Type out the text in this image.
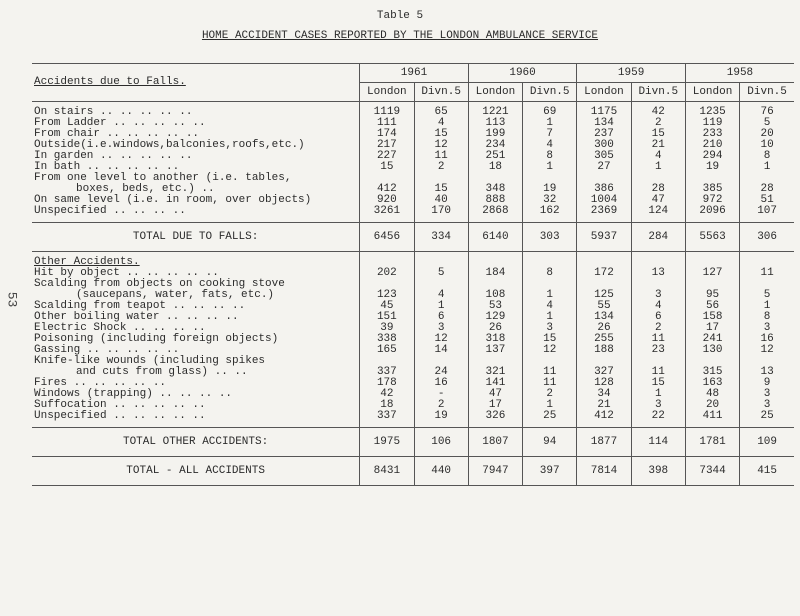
53
Table 5
HOME ACCIDENT CASES REPORTED BY THE LONDON AMBULANCE SERVICE
Accidents due to Falls.	1961		1960		1959		1958	
	London	Divn.5	London	Divn.5	London	Divn.5	London	Divn.5

On stairs .. .. .. .. ..	1119	65	1221	69	1175	42	1235	76
From Ladder .. .. .. .. ..	111	4	113	1	134	2	119	5
From chair .. .. .. .. ..	174	15	199	7	237	15	233	20
Outside(i.e.windows,balconies,roofs,etc.)	217	12	234	4	300	21	210	10
In garden .. .. .. .. ..	227	11	251	8	305	4	294	8
In bath .. .. .. .. ..	15	2	18	1	27	1	19	1
From one level to another (i.e. tables,								
boxes, beds, etc.) ..	412	15	348	19	386	28	385	28
On same level (i.e. in room, over objects)	920	40	888	32	1004	47	972	51
Unspecified .. .. .. ..	3261	170	2868	162	2369	124	2096	107

TOTAL DUE TO FALLS:	6456	334	6140	303	5937	284	5563	306

Other Accidents.								
Hit by object .. .. .. .. ..	202	5	184	8	172	13	127	11
Scalding from objects on cooking stove								
(saucepans, water, fats, etc.)	123	4	108	1	125	3	95	5
Scalding from teapot .. .. .. ..	45	1	53	4	55	4	56	1
Other boiling water .. .. .. ..	151	6	129	1	134	6	158	8
Electric Shock .. .. .. ..	39	3	26	3	26	2	17	3
Poisoning (including foreign objects)	338	12	318	15	255	11	241	16
Gassing .. .. .. .. ..	165	14	137	12	188	23	130	12
Knife-like wounds (including spikes								
and cuts from glass) .. ..	337	24	321	11	327	11	315	13
Fires .. .. .. .. ..	178	16	141	11	128	15	163	9
Windows (trapping) .. .. .. ..	42	-	47	2	34	1	48	3
Suffocation .. .. .. .. ..	18	2	17	1	21	3	20	3
Unspecified .. .. .. .. ..	337	19	326	25	412	22	411	25

TOTAL OTHER ACCIDENTS:	1975	106	1807	94	1877	114	1781	109
TOTAL - ALL ACCIDENTS	8431	440	7947	397	7814	398	7344	415
